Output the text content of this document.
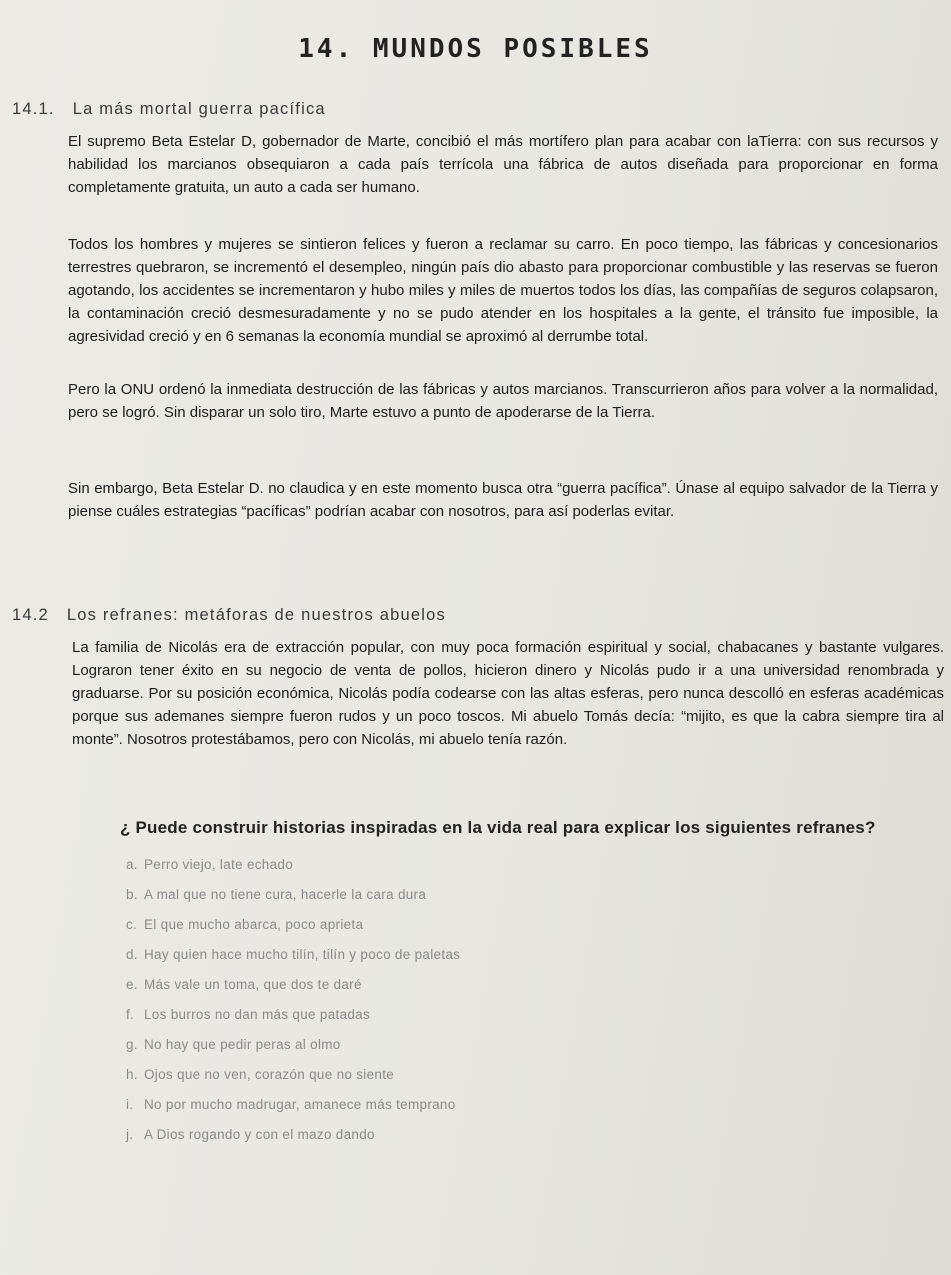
14. MUNDOS POSIBLES
14.1. La más mortal guerra pacífica
El supremo Beta Estelar D, gobernador de Marte, concibió el más mortífero plan para acabar con laTierra: con sus recursos y habilidad los marcianos obsequiaron a cada país terrícola una fábrica de autos diseñada para proporcionar en forma completamente gratuita, un auto a cada ser humano.
Todos los hombres y mujeres se sintieron felices y fueron a reclamar su carro. En poco tiempo, las fábricas y concesionarios terrestres quebraron, se incrementó el desempleo, ningún país dio abasto para proporcionar combustible y las reservas se fueron agotando, los accidentes se incrementaron y hubo miles y miles de muertos todos los días, las compañías de seguros colapsaron, la contaminación creció desmesuradamente y no se pudo atender en los hospitales a la gente, el tránsito fue imposible, la agresividad creció y en 6 semanas la economía mundial se aproximó al derrumbe total.
Pero la ONU ordenó la inmediata destrucción de las fábricas y autos marcianos. Transcurrieron años para volver a la normalidad, pero se logró. Sin disparar un solo tiro, Marte estuvo a punto de apoderarse de la Tierra.
Sin embargo, Beta Estelar D. no claudica y en este momento busca otra “guerra pacífica”. Únase al equipo salvador de la Tierra y piense cuáles estrategias “pacíficas” podrían acabar con nosotros, para así poderlas evitar.
14.2 Los refranes: metáforas de nuestros abuelos
La familia de Nicolás era de extracción popular, con muy poca formación espiritual y social, chabacanes y bastante vulgares. Lograron tener éxito en su negocio de venta de pollos, hicieron dinero y Nicolás pudo ir a una universidad renombrada y graduarse. Por su posición económica, Nicolás podía codearse con las altas esferas, pero nunca descolló en esferas académicas porque sus ademanes siempre fueron rudos y un poco toscos. Mi abuelo Tomás decía: “mijito, es que la cabra siempre tira al monte”. Nosotros protestábamos, pero con Nicolás, mi abuelo tenía razón.
¿ Puede construir historias inspiradas en la vida real para explicar los siguientes refranes?
a. Perro viejo, late echado
b. A mal que no tiene cura, hacerle la cara dura
c. El que mucho abarca, poco aprieta
d. Hay quien hace mucho tilín, tilín y poco de paletas
e. Más vale un toma, que dos te daré
f. Los burros no dan más que patadas
g. No hay que pedir peras al olmo
h. Ojos que no ven, corazón que no siente
i. No por mucho madrugar, amanece más temprano
j. A Dios rogando y con el mazo dando
